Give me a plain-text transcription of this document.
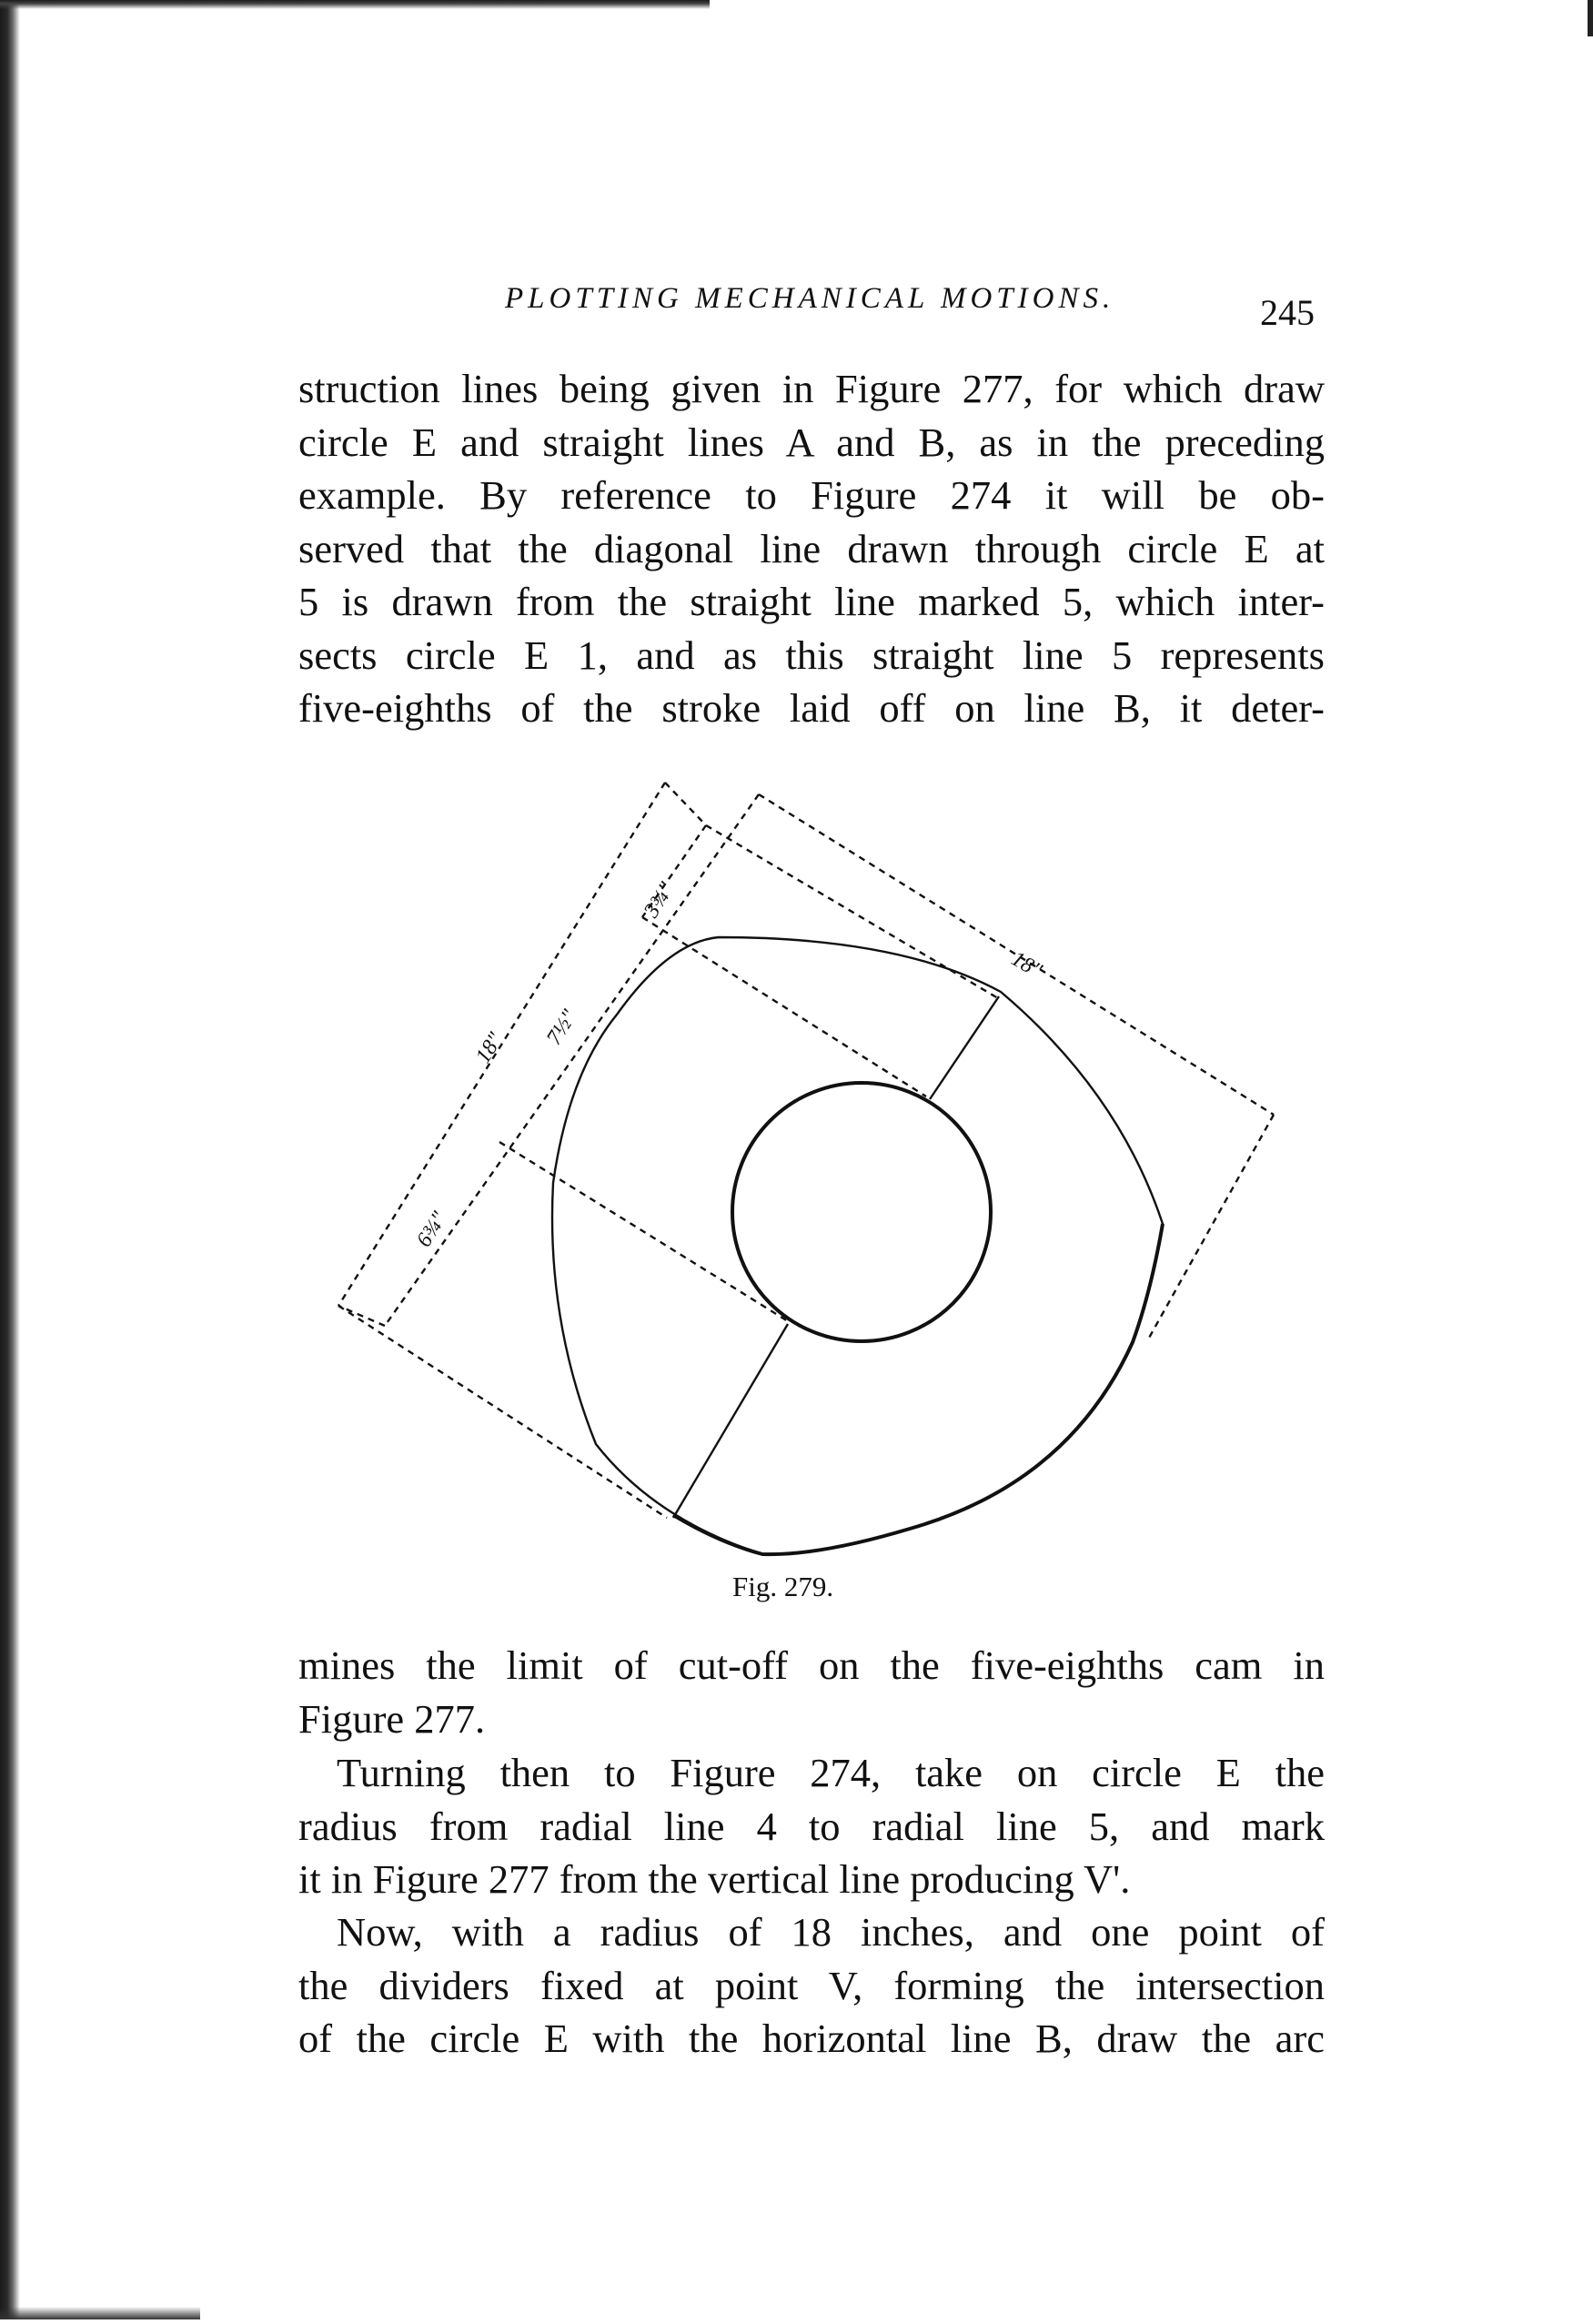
PLOTTING MECHANICAL MOTIONS.	245
struction lines being given in Figure 277, for which draw
circle E and straight lines A and B, as in the preceding
example. By reference to Figure 274 it will be ob-
served that the diagonal line drawn through circle E at
5 is drawn from the straight line marked 5, which inter-
sects circle E 1, and as this straight line 5 represents
five-eighths of the stroke laid off on line B, it deter-
18"
18"
3¾"
7½"
6¾"
Fig. 279.
mines the limit of cut-off on the five-eighths cam in
Figure 277.
Turning then to Figure 274, take on circle E the
radius from radial line 4 to radial line 5, and mark
it in Figure 277 from the vertical line producing V'.
Now, with a radius of 18 inches, and one point of
the dividers fixed at point V, forming the intersection
of the circle E with the horizontal line B, draw the arc
